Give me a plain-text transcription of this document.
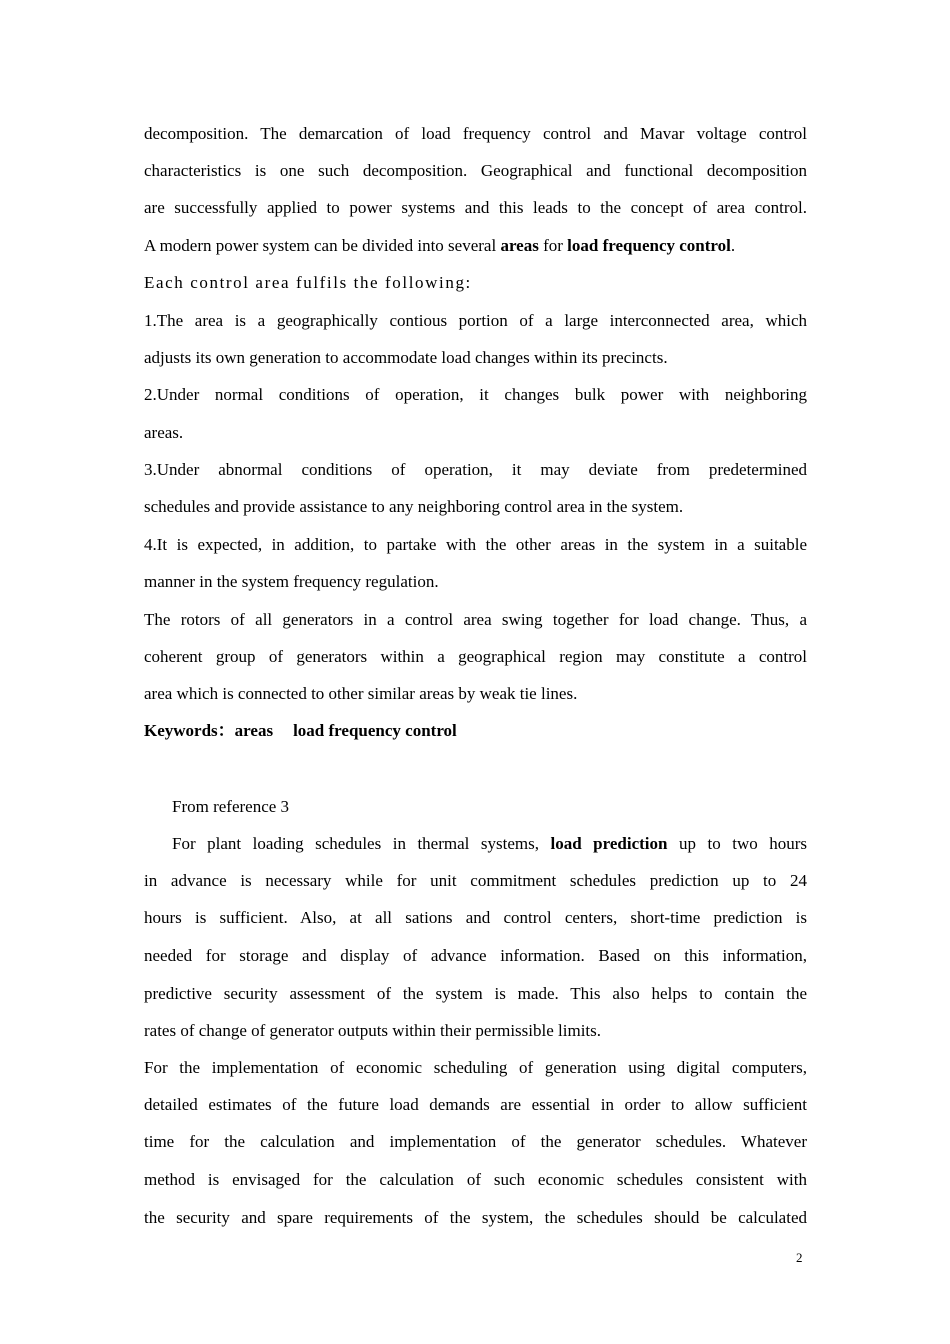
decomposition. The demarcation of load frequency control and Mavar voltage control
characteristics is one such decomposition. Geographical and functional decomposition
are successfully applied to power systems and this leads to the concept of area control.
A modern power system can be divided into several areas for load frequency control.
Each control area fulfils the following:
1.The area is a geographically contious portion of a large interconnected area, which
adjusts its own generation to accommodate load changes within its precincts.
2.Under normal conditions of operation, it changes bulk power with neighboring
areas.
3.Under abnormal conditions of operation, it may deviate from predetermined
schedules and provide assistance to any neighboring control area in the system.
4.It is expected, in addition, to partake with the other areas in the system in a suitable
manner in the system frequency regulation.
The rotors of all generators in a control area swing together for load change. Thus, a
coherent group of generators within a geographical region may constitute a control
area which is connected to other similar areas by weak tie lines.
Keywords：areas load frequency control
From reference 3
For plant loading schedules in thermal systems, load prediction up to two hours
in advance is necessary while for unit commitment schedules prediction up to 24
hours is sufficient. Also, at all sations and control centers, short-time prediction is
needed for storage and display of advance information. Based on this information,
predictive security assessment of the system is made. This also helps to contain the
rates of change of generator outputs within their permissible limits.
For the implementation of economic scheduling of generation using digital computers,
detailed estimates of the future load demands are essential in order to allow sufficient
time for the calculation and implementation of the generator schedules. Whatever
method is envisaged for the calculation of such economic schedules consistent with
the security and spare requirements of the system, the schedules should be calculated
2
